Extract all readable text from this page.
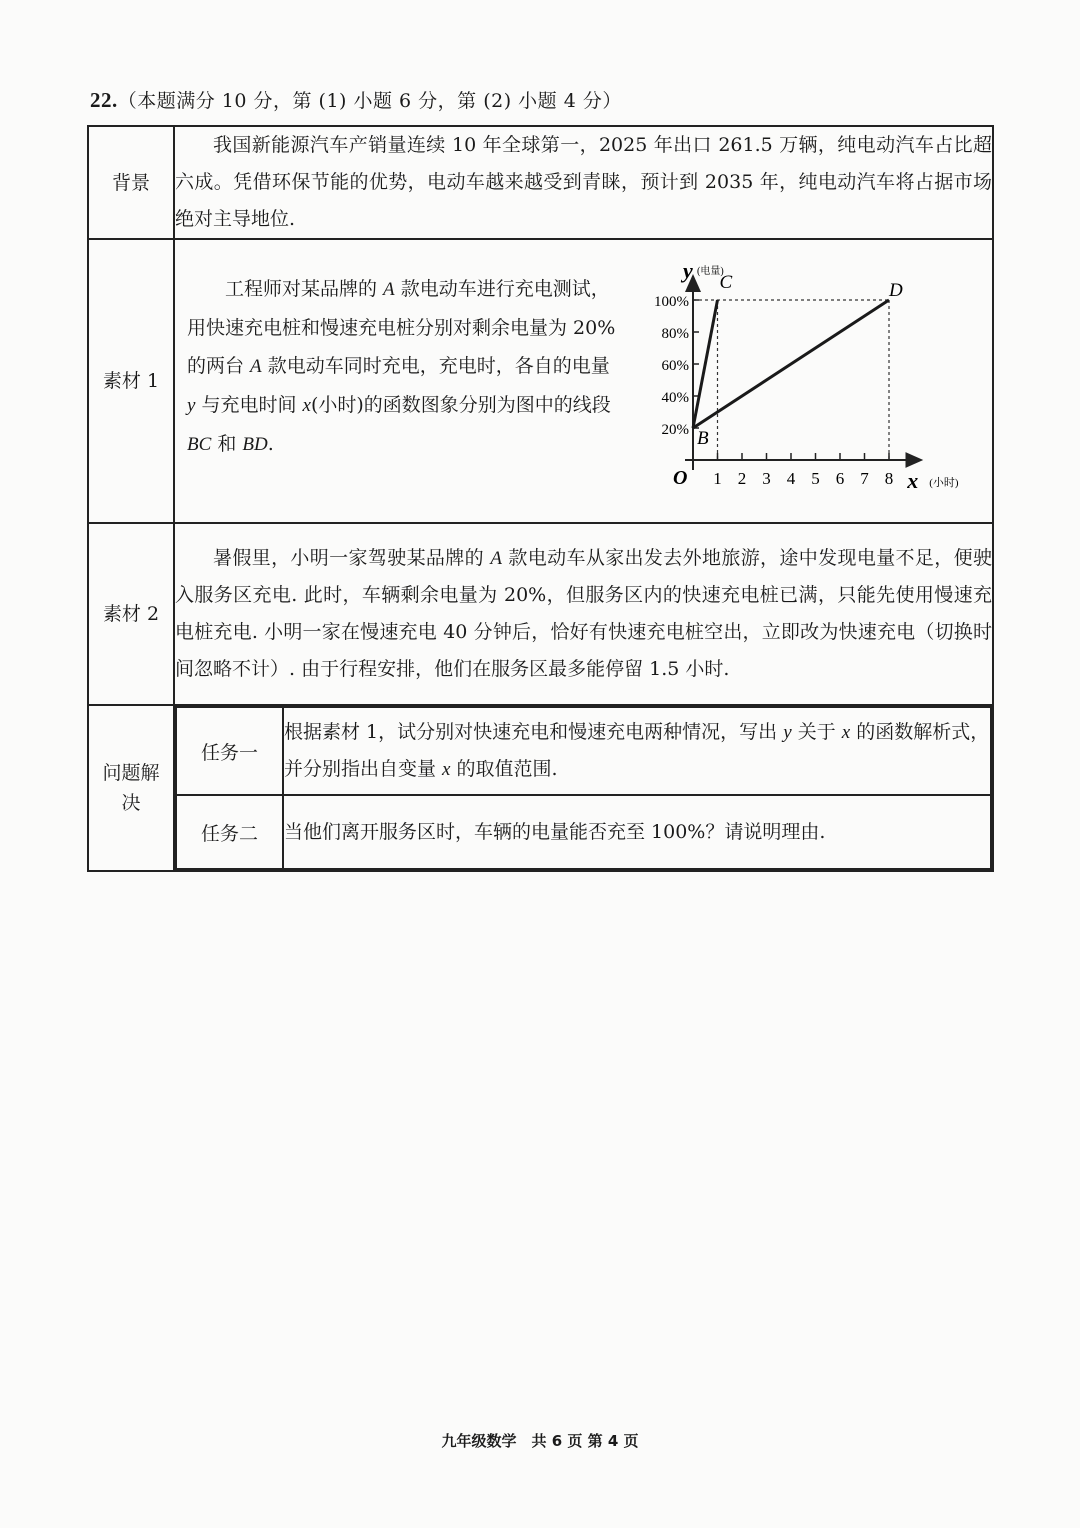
22.（本题满分 10 分，第 (1) 小题 6 分，第 (2) 小题 4 分）
背景	

我国新能源汽车产销量连续 10 年全球第一，2025 年出口 261.5 万辆，纯电动汽车占比超六成。凭借环保节能的优势，电动车越来越受到青睐，预计到 2035 年，纯电动汽车将占据市场绝对主导地位.

素材 1	

工程师对某品牌的 A 款电动车进行充电测试，用快速充电桩和慢速充电桩分别对剩余电量为 20%的两台 A 款电动车同时充电，充电时，各自的电量 y 与充电时间 x(小时)的函数图象分别为图中的线段 BC 和 BD.

1 2 3 4 5 6 7 8
20%
40%
60%
80%
100%
B
C	D
O	x (小时)
y (电量)

素材 2	

暑假里，小明一家驾驶某品牌的 A 款电动车从家出发去外地旅游，途中发现电量不足，便驶入服务区充电. 此时，车辆剩余电量为 20%，但服务区内的快速充电桩已满，只能先使用慢速充电桩充电. 小明一家在慢速充电 40 分钟后，恰好有快速充电桩空出，立即改为快速充电（切换时间忽略不计）. 由于行程安排，他们在服务区最多能停留 1.5 小时.

问题解决	
任务一	根据素材 1，试分别对快速充电和慢速充电两种情况，写出 y 关于 x 的函数解析式，并分别指出自变量 x 的取值范围.
任务二	当他们离开服务区时，车辆的电量能否充至 100%？请说明理由.
九年级数学　共 6 页 第 4 页
